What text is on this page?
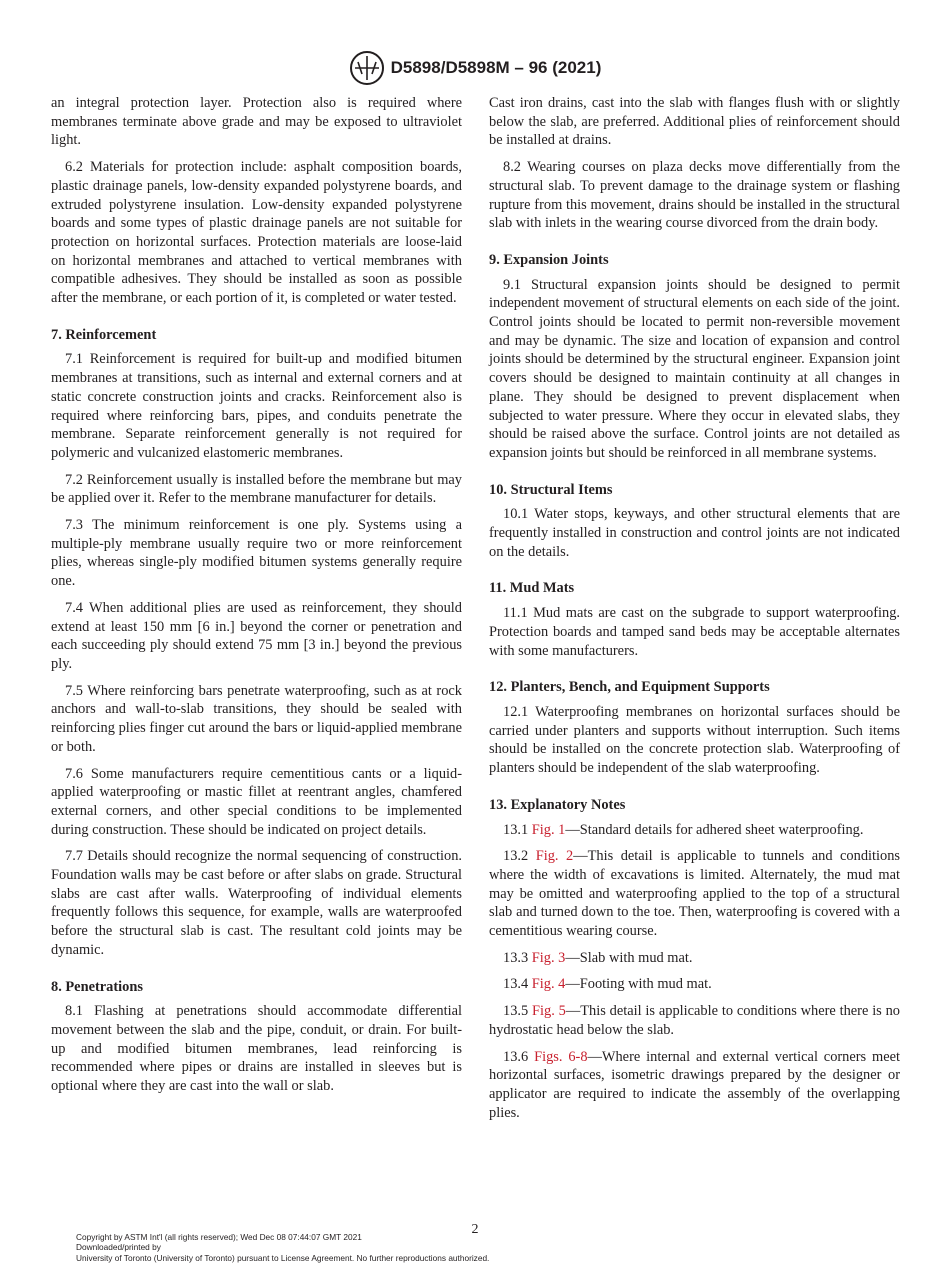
D5898/D5898M – 96 (2021)

an integral protection layer. Protection also is required where membranes terminate above grade and may be exposed to ultraviolet light.

6.2 Materials for protection include: asphalt composition boards, plastic drainage panels, low-density expanded polystyrene boards, and extruded polystyrene insulation. Low-density expanded polystyrene boards and some types of plastic drainage panels are not suitable for protection on horizontal surfaces. Protection materials are loose-laid on horizontal membranes and attached to vertical membranes with compatible adhesives. They should be installed as soon as possible after the membrane, or each portion of it, is completed or water tested.

7. Reinforcement

7.1 Reinforcement is required for built-up and modified bitumen membranes at transitions, such as internal and external corners and at static concrete construction joints and cracks. Reinforcement also is required where reinforcing bars, pipes, and conduits penetrate the membrane. Separate reinforcement generally is not required for polymeric and vulcanized elastomeric membranes.

7.2 Reinforcement usually is installed before the membrane but may be applied over it. Refer to the membrane manufacturer for details.

7.3 The minimum reinforcement is one ply. Systems using a multiple-ply membrane usually require two or more reinforcement plies, whereas single-ply modified bitumen systems generally require one.

7.4 When additional plies are used as reinforcement, they should extend at least 150 mm [6 in.] beyond the corner or penetration and each succeeding ply should extend 75 mm [3 in.] beyond the previous ply.

7.5 Where reinforcing bars penetrate waterproofing, such as at rock anchors and wall-to-slab transitions, they should be sealed with reinforcing plies finger cut around the bars or liquid-applied membrane or both.

7.6 Some manufacturers require cementitious cants or a liquid-applied waterproofing or mastic fillet at reentrant angles, chamfered external corners, and other special conditions to be implemented during construction. These should be indicated on project details.

7.7 Details should recognize the normal sequencing of construction. Foundation walls may be cast before or after slabs on grade. Structural slabs are cast after walls. Waterproofing of individual elements frequently follows this sequence, for example, walls are waterproofed before the structural slab is cast. The resultant cold joints may be dynamic.

8. Penetrations

8.1 Flashing at penetrations should accommodate differential movement between the slab and the pipe, conduit, or drain. For built-up and modified bitumen membranes, lead reinforcing is recommended where pipes or drains are installed in sleeves but is optional where they are cast into the wall or slab.

Cast iron drains, cast into the slab with flanges flush with or slightly below the slab, are preferred. Additional plies of reinforcement should be installed at drains.

8.2 Wearing courses on plaza decks move differentially from the structural slab. To prevent damage to the drainage system or flashing rupture from this movement, drains should be installed in the structural slab with inlets in the wearing course divorced from the drain body.

9. Expansion Joints

9.1 Structural expansion joints should be designed to permit independent movement of structural elements on each side of the joint. Control joints should be located to permit non-reversible movement and may be dynamic. The size and location of expansion and control joints should be determined by the structural engineer. Expansion joint covers should be designed to maintain continuity at all changes in plane. They should be designed to prevent displacement when subjected to water pressure. Where they occur in elevated slabs, they should be raised above the surface. Control joints are not detailed as expansion joints but should be reinforced in all membrane systems.

10. Structural Items

10.1 Water stops, keyways, and other structural elements that are frequently installed in construction and control joints are not indicated on the details.

11. Mud Mats

11.1 Mud mats are cast on the subgrade to support waterproofing. Protection boards and tamped sand beds may be acceptable alternates with some manufacturers.

12. Planters, Bench, and Equipment Supports

12.1 Waterproofing membranes on horizontal surfaces should be carried under planters and supports without interruption. Such items should be installed on the concrete protection slab. Waterproofing of planters should be independent of the slab waterproofing.

13. Explanatory Notes

13.1 Fig. 1—Standard details for adhered sheet waterproofing.

13.2 Fig. 2—This detail is applicable to tunnels and conditions where the width of excavations is limited. Alternately, the mud mat may be omitted and waterproofing applied to the top of a structural slab and turned down to the toe. Then, waterproofing is covered with a cementitious wearing course.

13.3 Fig. 3—Slab with mud mat.

13.4 Fig. 4—Footing with mud mat.

13.5 Fig. 5—This detail is applicable to conditions where there is no hydrostatic head below the slab.

13.6 Figs. 6-8—Where internal and external vertical corners meet horizontal surfaces, isometric drawings prepared by the designer or applicator are required to indicate the assembly of the overlapping plies.

2
Copyright by ASTM Int'l (all rights reserved); Wed Dec 08 07:44:07 GMT 2021
Downloaded/printed by
University of Toronto (University of Toronto) pursuant to License Agreement. No further reproductions authorized.
